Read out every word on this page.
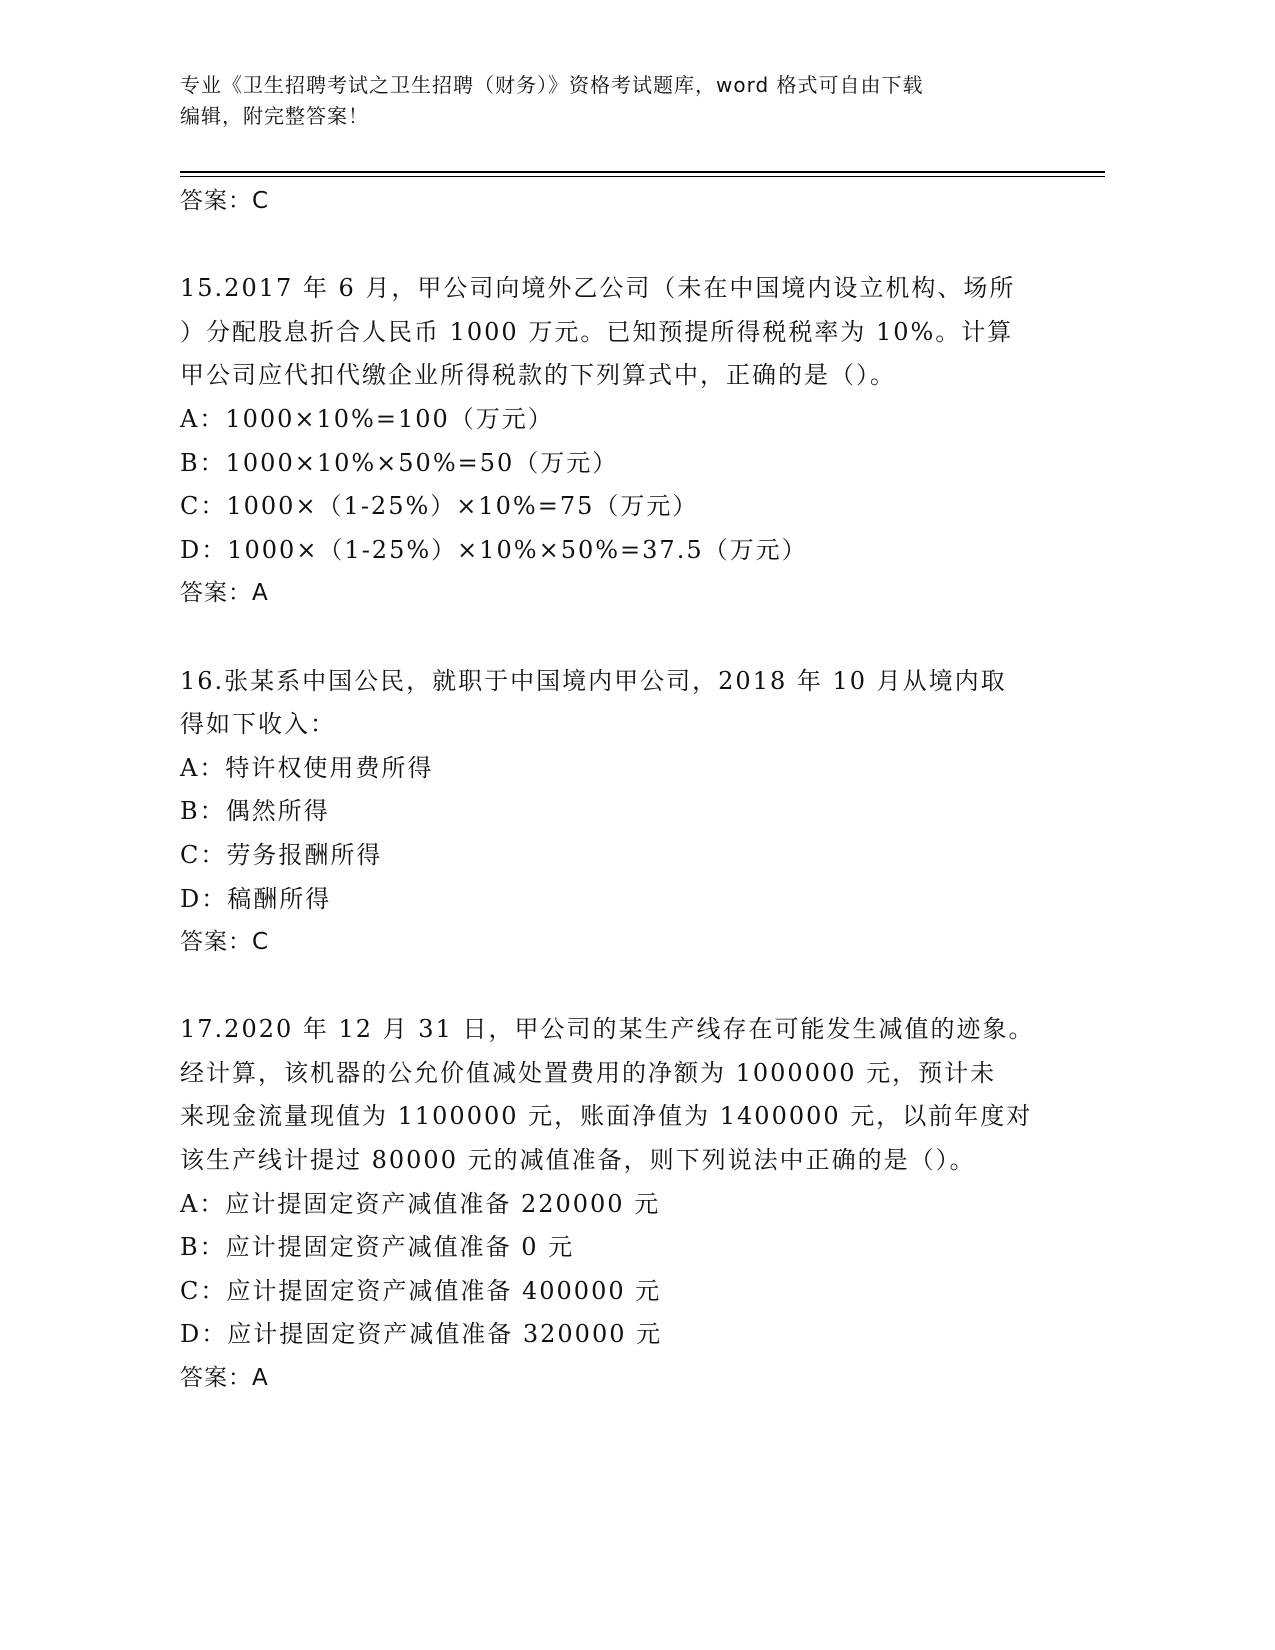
专业《卫生招聘考试之卫生招聘（财务）》资格考试题库，word 格式可自由下载
编辑，附完整答案！
答案：C
15.2017 年 6 月，甲公司向境外乙公司（未在中国境内设立机构、场所
）分配股息折合人民币 1000 万元。已知预提所得税税率为 10%。计算
甲公司应代扣代缴企业所得税款的下列算式中，正确的是（）。
A：1000×10%=100（万元）
B：1000×10%×50%=50（万元）
C：1000×（1-25%）×10%=75（万元）
D：1000×（1-25%）×10%×50%=37.5（万元）
答案：A
16.张某系中国公民，就职于中国境内甲公司，2018 年 10 月从境内取
得如下收入：
A：特许权使用费所得
B：偶然所得
C：劳务报酬所得
D：稿酬所得
答案：C
17.2020 年 12 月 31 日，甲公司的某生产线存在可能发生减值的迹象。
经计算，该机器的公允价值减处置费用的净额为 1000000 元，预计未
来现金流量现值为 1100000 元，账面净值为 1400000 元，以前年度对
该生产线计提过 80000 元的减值准备，则下列说法中正确的是（）。
A：应计提固定资产减值准备 220000 元
B：应计提固定资产减值准备 0 元
C：应计提固定资产减值准备 400000 元
D：应计提固定资产减值准备 320000 元
答案：A
